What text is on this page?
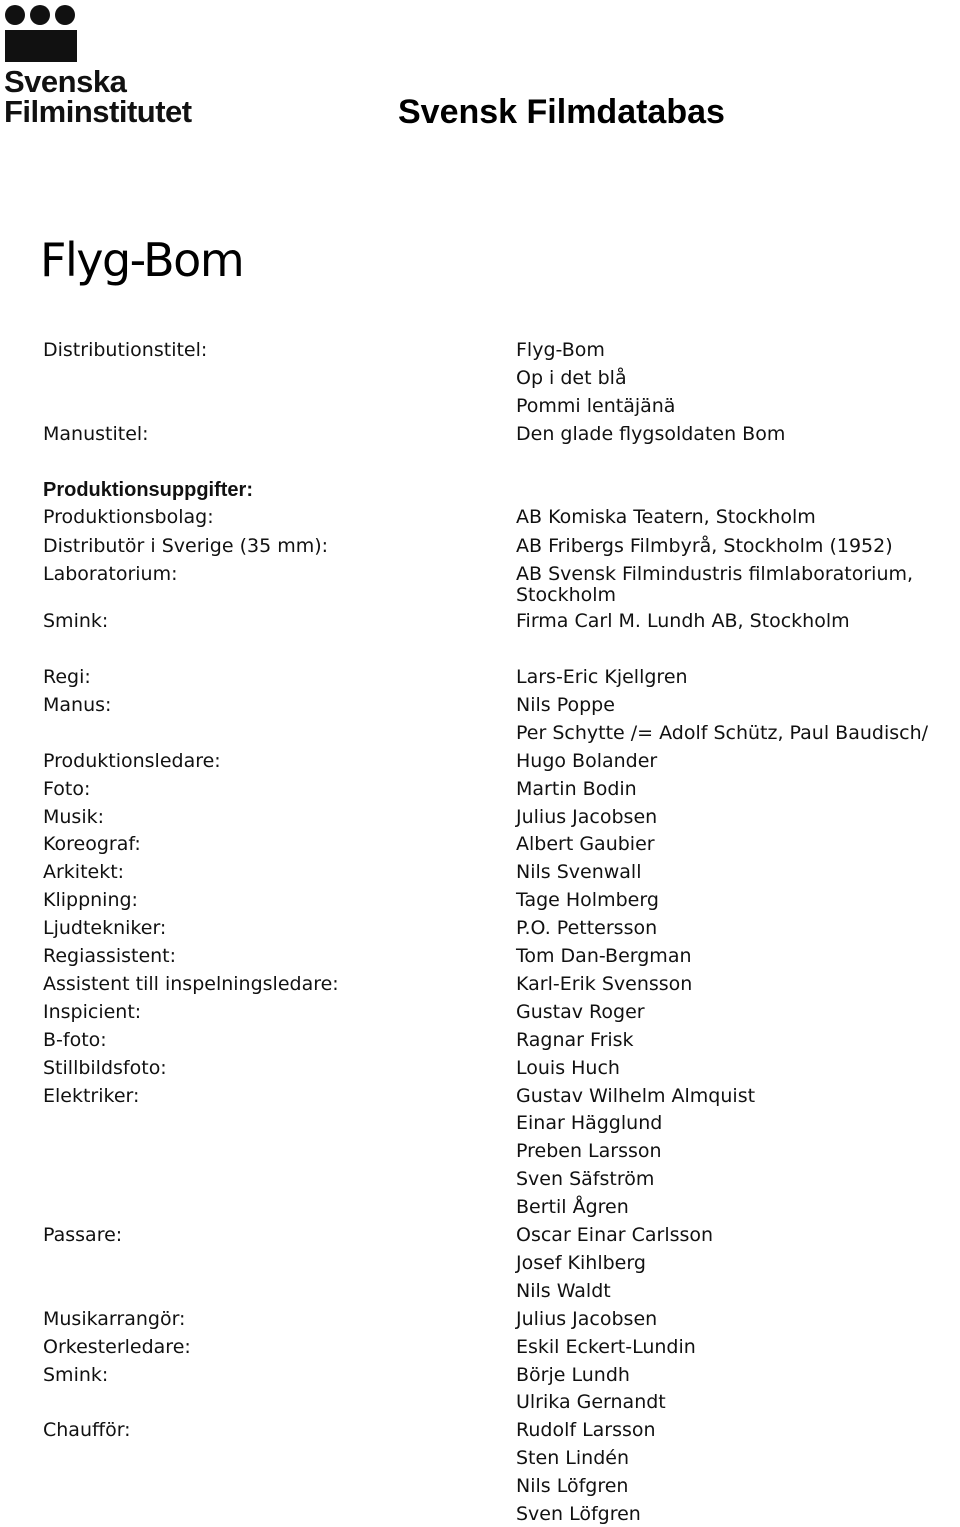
Svenska
Filminstitutet	Svensk Filmdatabas
Flyg-Bom
Distributionstitel:	Flyg-Bom
Op i det blå
Pommi lentäjänä
Manustitel:	Den glade flygsoldaten Bom
Produktionsuppgifter:
Produktionsbolag:	AB Komiska Teatern, Stockholm
Distributör i Sverige (35 mm):	AB Fribergs Filmbyrå, Stockholm (1952)
Laboratorium:	AB Svensk Filmindustris filmlaboratorium,
Stockholm
Smink:	Firma Carl M. Lundh AB, Stockholm
Regi:	Lars-Eric Kjellgren
Manus:	Nils Poppe
Per Schytte /= Adolf Schütz, Paul Baudisch/
Produktionsledare:	Hugo Bolander
Foto:	Martin Bodin
Musik:	Julius Jacobsen
Koreograf:	Albert Gaubier
Arkitekt:	Nils Svenwall
Klippning:	Tage Holmberg
Ljudtekniker:	P.O. Pettersson
Regiassistent:	Tom Dan-Bergman
Assistent till inspelningsledare:	Karl-Erik Svensson
Inspicient:	Gustav Roger
B-foto:	Ragnar Frisk
Stillbildsfoto:	Louis Huch
Elektriker:	Gustav Wilhelm Almquist
Einar Hägglund
Preben Larsson
Sven Säfström
Bertil Ågren
Passare:	Oscar Einar Carlsson
Josef Kihlberg
Nils Waldt
Musikarrangör:	Julius Jacobsen
Orkesterledare:	Eskil Eckert-Lundin
Smink:	Börje Lundh
Ulrika Gernandt
Chaufför:	Rudolf Larsson
Sten Lindén
Nils Löfgren
Sven Löfgren
